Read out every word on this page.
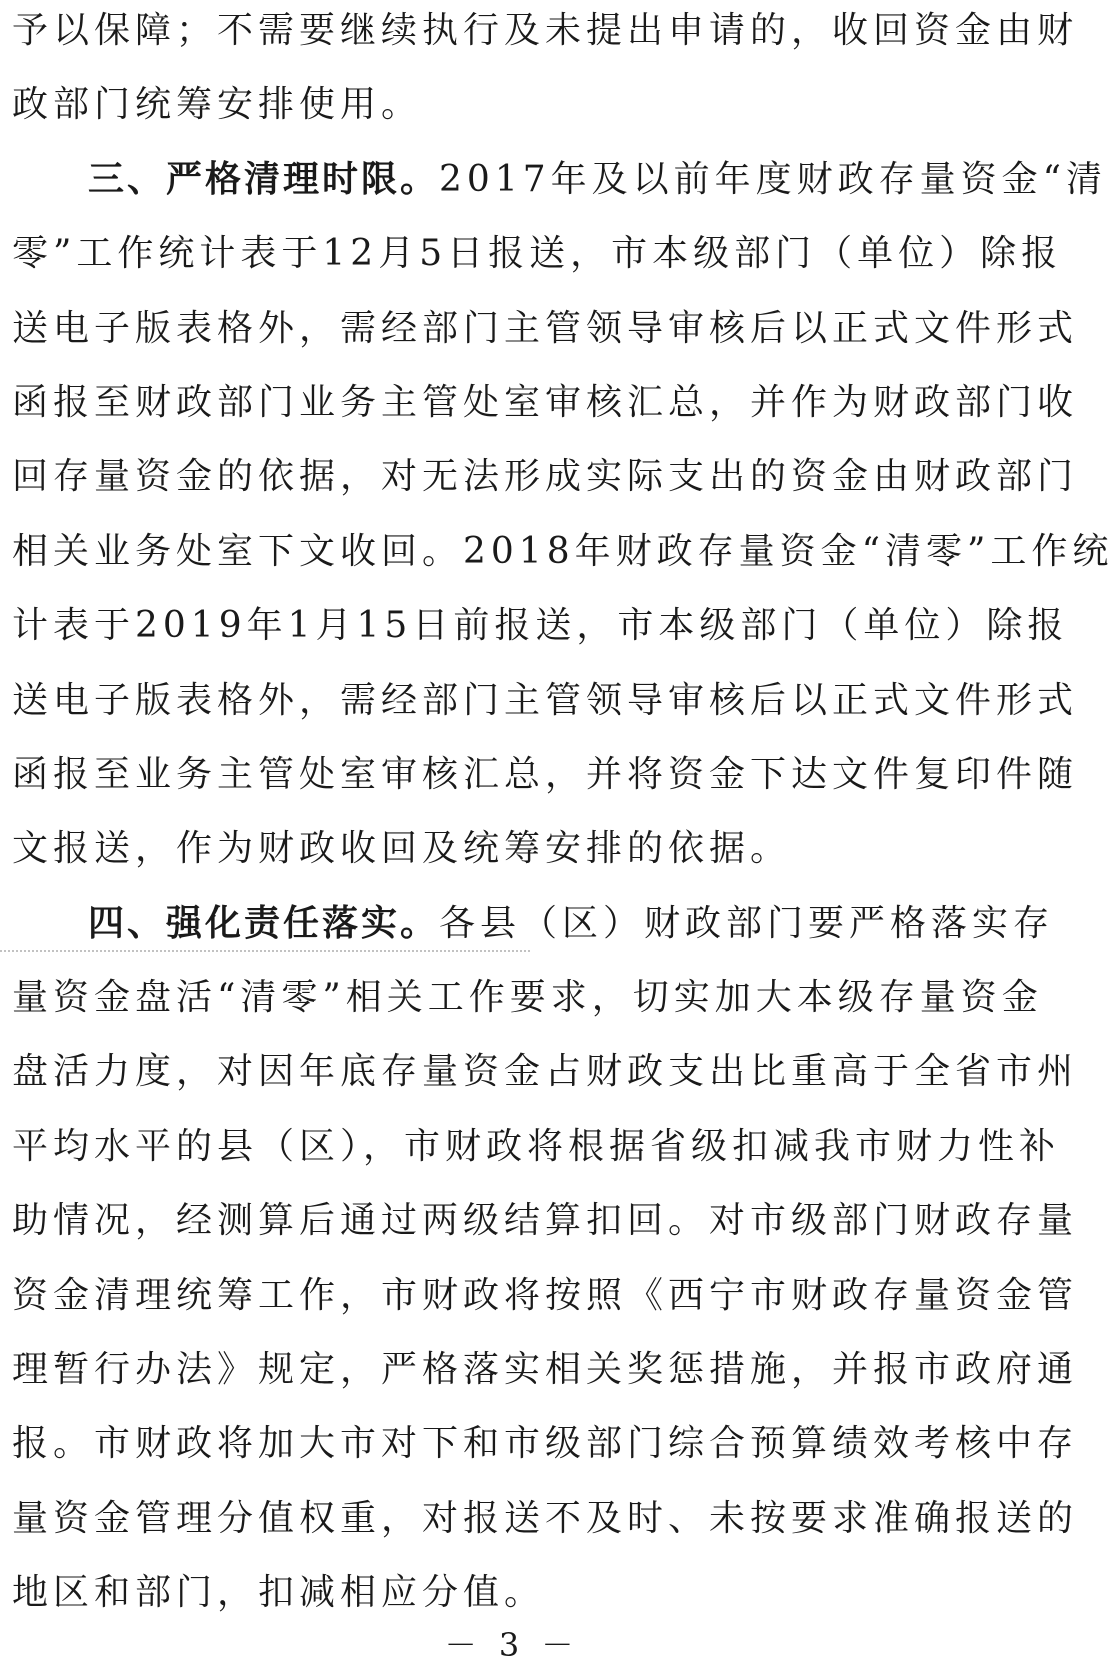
予以保障；不需要继续执行及未提出申请的，收回资金由财
政部门统筹安排使用。
三、严格清理时限。2017年及以前年度财政存量资金“清
零”工作统计表于12月5日报送，市本级部门（单位）除报
送电子版表格外，需经部门主管领导审核后以正式文件形式
函报至财政部门业务主管处室审核汇总，并作为财政部门收
回存量资金的依据，对无法形成实际支出的资金由财政部门
相关业务处室下文收回。2018年财政存量资金“清零”工作统
计表于2019年1月15日前报送，市本级部门（单位）除报
送电子版表格外，需经部门主管领导审核后以正式文件形式
函报至业务主管处室审核汇总，并将资金下达文件复印件随
文报送，作为财政收回及统筹安排的依据。
四、强化责任落实。各县（区）财政部门要严格落实存
量资金盘活“清零”相关工作要求，切实加大本级存量资金
盘活力度，对因年底存量资金占财政支出比重高于全省市州
平均水平的县（区），市财政将根据省级扣减我市财力性补
助情况，经测算后通过两级结算扣回。对市级部门财政存量
资金清理统筹工作，市财政将按照《西宁市财政存量资金管
理暂行办法》规定，严格落实相关奖惩措施，并报市政府通
报。市财政将加大市对下和市级部门综合预算绩效考核中存
量资金管理分值权重，对报送不及时、未按要求准确报送的
地区和部门，扣减相应分值。
－ 3 －
